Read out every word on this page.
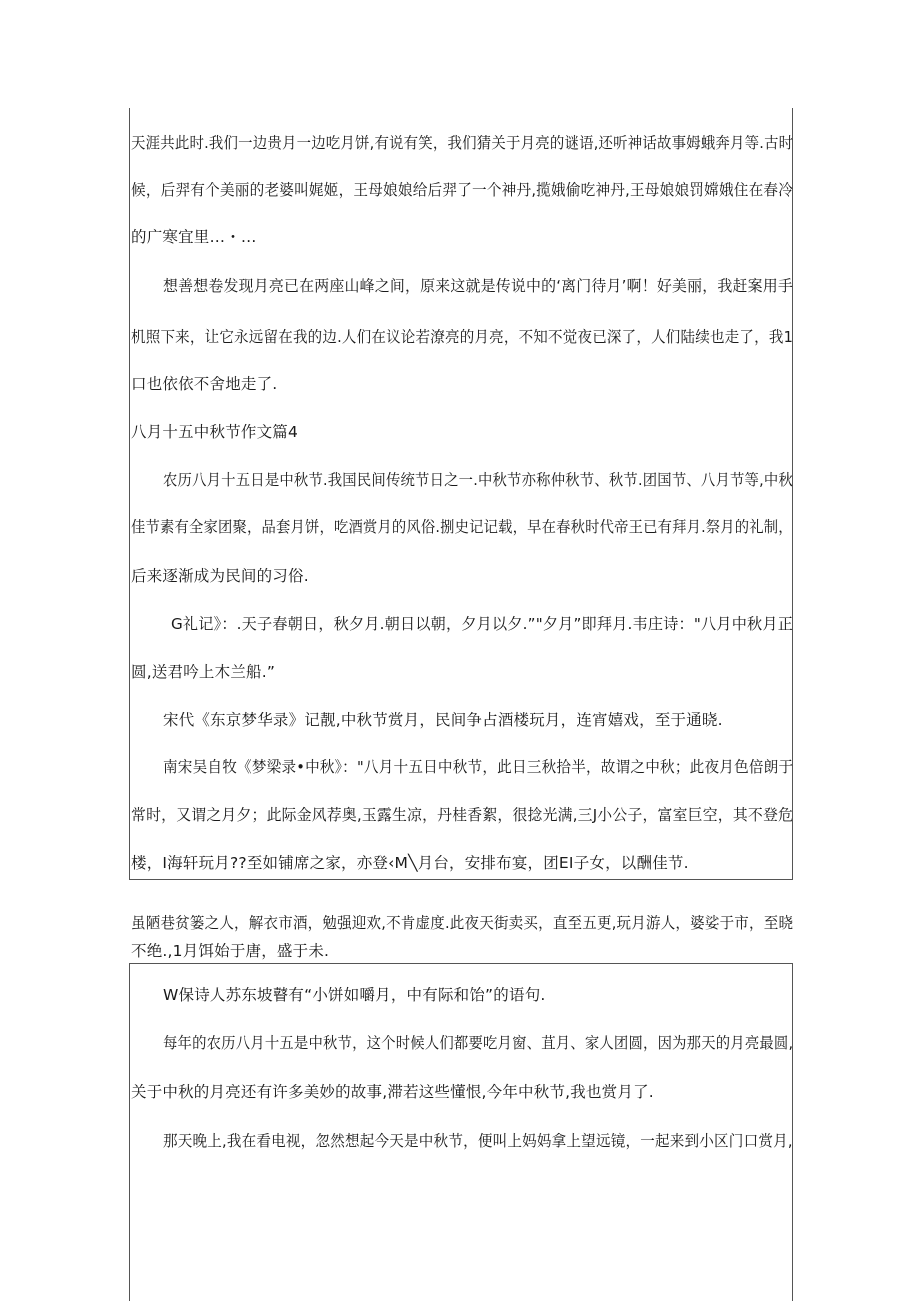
天涯共此时.我们一边贵月一边吃月饼,有说有笑，我们猜关于月亮的谜语,还听神话故事姆蛾奔月等.古时
候，后羿有个美丽的老婆叫娓姬，王母娘娘给后羿了一个神丹,揽娥偷吃神丹,王母娘娘罚嫦娥住在春冷
的广寒宜里…・…
想善想卷发现月亮已在两座山峰之间，原来这就是传说中的‘离门待月’啊！好美丽，我赶案用手
机照下来，让它永远留在我的边.人们在议论若潦亮的月亮，不知不觉夜已深了，人们陆续也走了，我1
口也依依不舍地走了.
八月十五中秋节作文篇4
农历八月十五日是中秋节.我国民间传统节日之一.中秋节亦称仲秋节、秋节.团国节、八月节等,中秋
佳节素有全家团聚，品套月饼，吃酒赏月的风俗.捌史记记载，早在春秋时代帝王已有拜月.祭月的礼制，
后来逐渐成为民间的习俗.
G礼记》：.天子春朝日，秋夕月.朝日以朝，夕月以夕.”"夕月”即拜月.韦庄诗："八月中秋月正
圆,送君吟上木兰船.”
宋代《东京梦华录》记靓,中秋节赏月，民间争占酒楼玩月，连宵嬉戏，至于通晓.
南宋吴自牧《梦梁录•中秋》："八月十五日中秋节，此日三秋拾半，故谓之中秋；此夜月色倍朗于
常时，又谓之月夕；此际金风荐奥,玉露生凉，丹桂香絮，很捻光满,三J小公子，富室巨空，其不登危
楼，I海轩玩月??至如铺席之家，亦登‹M╲月台，安排布宴，团EI子女，以酬佳节.
虽陋巷贫篓之人，解衣市酒，勉强迎欢,不肯虚度.此夜天街卖买，直至五更,玩月游人，婆娑于市，至晓
不绝.,1月饵始于唐，盛于未.
W保诗人苏东坡瞽有“小饼如嚼月，中有际和饴”的语句.
每年的农历八月十五是中秋节，这个时候人们都要吃月窗、苴月、家人团圆，因为那天的月亮最圆,
关于中秋的月亮还有许多美妙的故事,滞若这些懂恨,今年中秋节,我也赏月了.
那天晚上,我在看电视，忽然想起今天是中秋节，便叫上妈妈拿上望远镜，一起来到小区门口赏月,
